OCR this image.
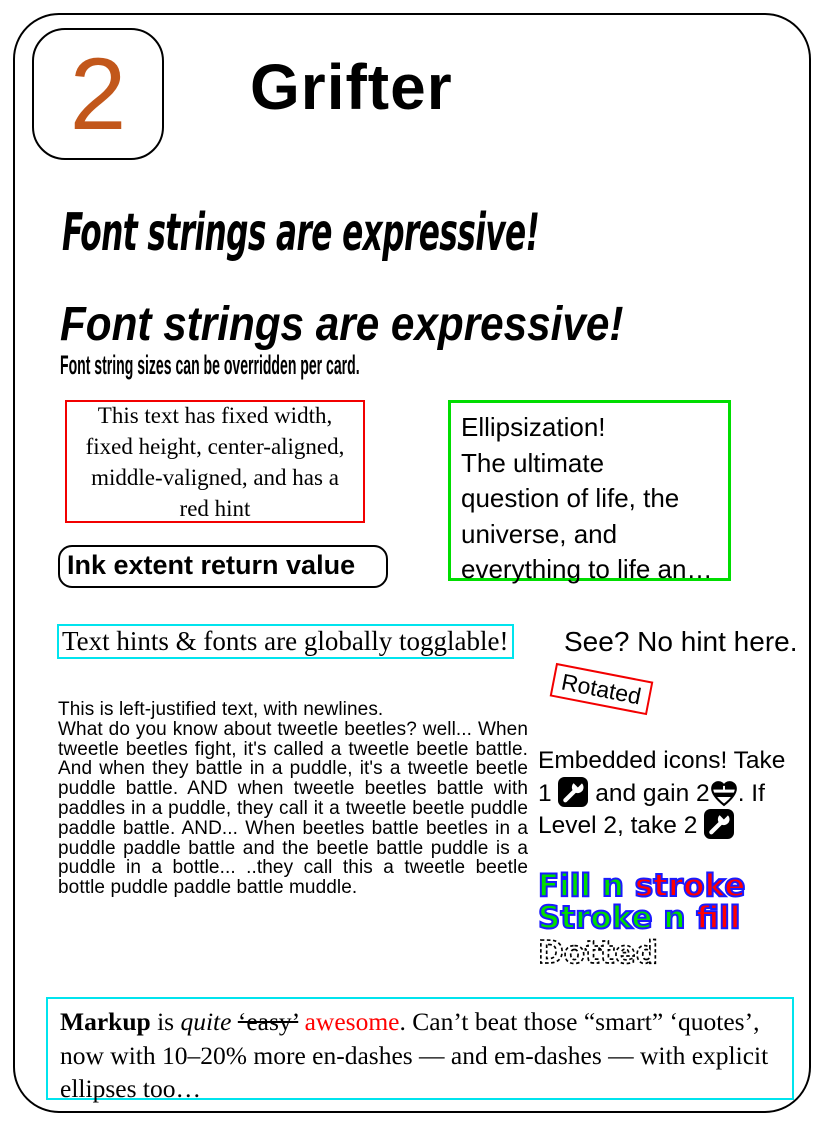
2 Grifter
Font strings are expressive!
Font strings are expressive!
Font string sizes can be overridden per card.
This text has fixed width, fixed height, center-aligned, middle-valigned, and has a red hint
Ink extent return value
Ellipsization!
The ultimate
question of life, the
universe, and
everything to life an…
Text hints & fonts are globally togglable! See? No hint here.
Rotated
This is left-justified text, with newlines.
What do you know about tweetle beetles? well... When tweetle beetles fight, it's called a tweetle beetle battle. And when they battle in a puddle, it's a tweetle beetle puddle battle. AND when tweetle beetles battle with paddles in a puddle, they call it a tweetle beetle puddle paddle battle. AND... When beetles battle beetles in a puddle paddle battle and the beetle battle puddle is a puddle in a bottle... ..they call this a tweetle beetle bottle puddle paddle battle muddle.
Embedded icons! Take 1  and gain 2 . If Level 2, take 2
Fill n stroke
Stroke n fill
Dotted
Markup is quite ‘easy’ awesome. Can’t beat those “smart” ‘quotes’, now with 10–20% more en-dashes — and em-dashes — with explicit ellipses too…
